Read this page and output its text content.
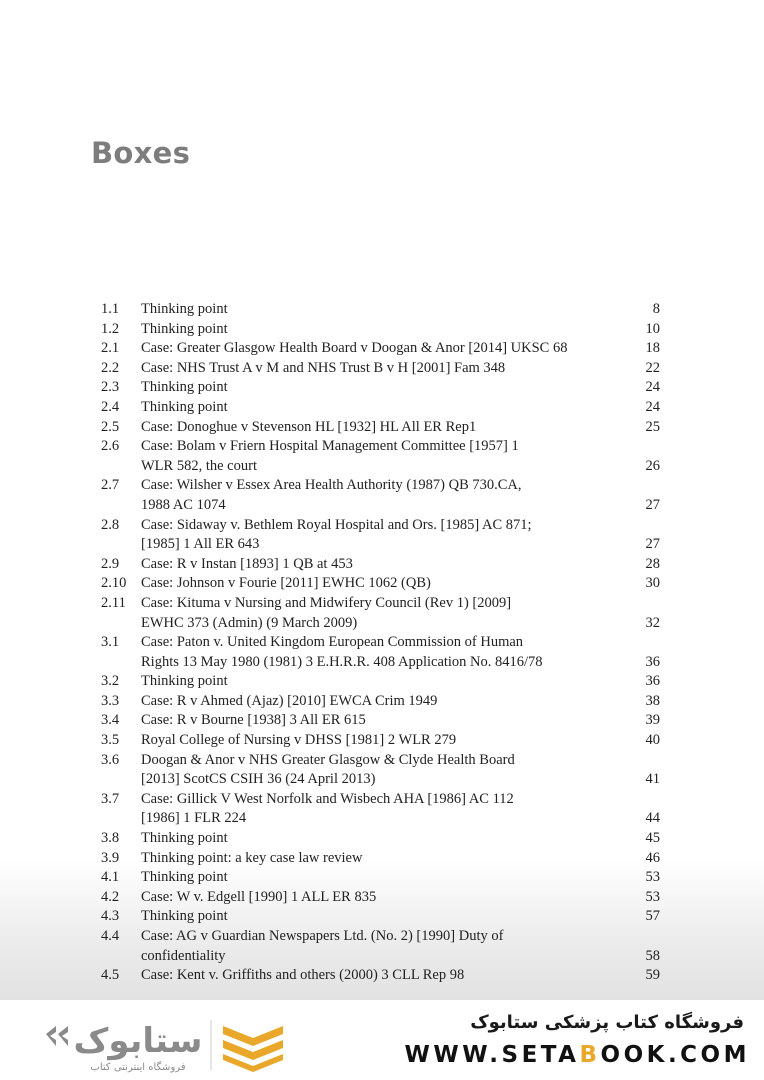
Boxes
1.1	Thinking point	8
1.2	Thinking point	10
2.1	Case: Greater Glasgow Health Board v Doogan & Anor [2014] UKSC 68	18
2.2	Case: NHS Trust A v M and NHS Trust B v H [2001] Fam 348	22
2.3	Thinking point	24
2.4	Thinking point	24
2.5	Case: Donoghue v Stevenson HL [1932] HL All ER Rep1	25
2.6	Case: Bolam v Friern Hospital Management Committee [1957] 1
WLR 582, the court	26
2.7	Case: Wilsher v Essex Area Health Authority (1987) QB 730.CA,
1988 AC 1074	27
2.8	Case: Sidaway v. Bethlem Royal Hospital and Ors. [1985] AC 871;
[1985] 1 All ER 643	27
2.9	Case: R v Instan [1893] 1 QB at 453	28
2.10	Case: Johnson v Fourie [2011] EWHC 1062 (QB)	30
2.11	Case: Kituma v Nursing and Midwifery Council (Rev 1) [2009]
EWHC 373 (Admin) (9 March 2009)	32
3.1	Case: Paton v. United Kingdom European Commission of Human
Rights 13 May 1980 (1981) 3 E.H.R.R. 408 Application No. 8416/78	36
3.2	Thinking point	36
3.3	Case: R v Ahmed (Ajaz) [2010] EWCA Crim 1949	38
3.4	Case: R v Bourne [1938] 3 All ER 615	39
3.5	Royal College of Nursing v DHSS [1981] 2 WLR 279	40
3.6	Doogan & Anor v NHS Greater Glasgow & Clyde Health Board
[2013] ScotCS CSIH 36 (24 April 2013)	41
3.7	Case: Gillick V West Norfolk and Wisbech AHA [1986] AC 112
[1986] 1 FLR 224	44
3.8	Thinking point	45
3.9	Thinking point: a key case law review	46
4.1	Thinking point	53
4.2	Case: W v. Edgell [1990] 1 ALL ER 835	53
4.3	Thinking point	57
4.4	Case: AG v Guardian Newspapers Ltd. (No. 2) [1990] Duty of
confidentiality	58
4.5	Case: Kent v. Griffiths and others (2000) 3 CLL Rep 98	59
ستابوک
فروشگاه اینترنتی کتاب
فروشگاه کتاب پزشکی ستابوک
WWW.SETABOOK.COM
